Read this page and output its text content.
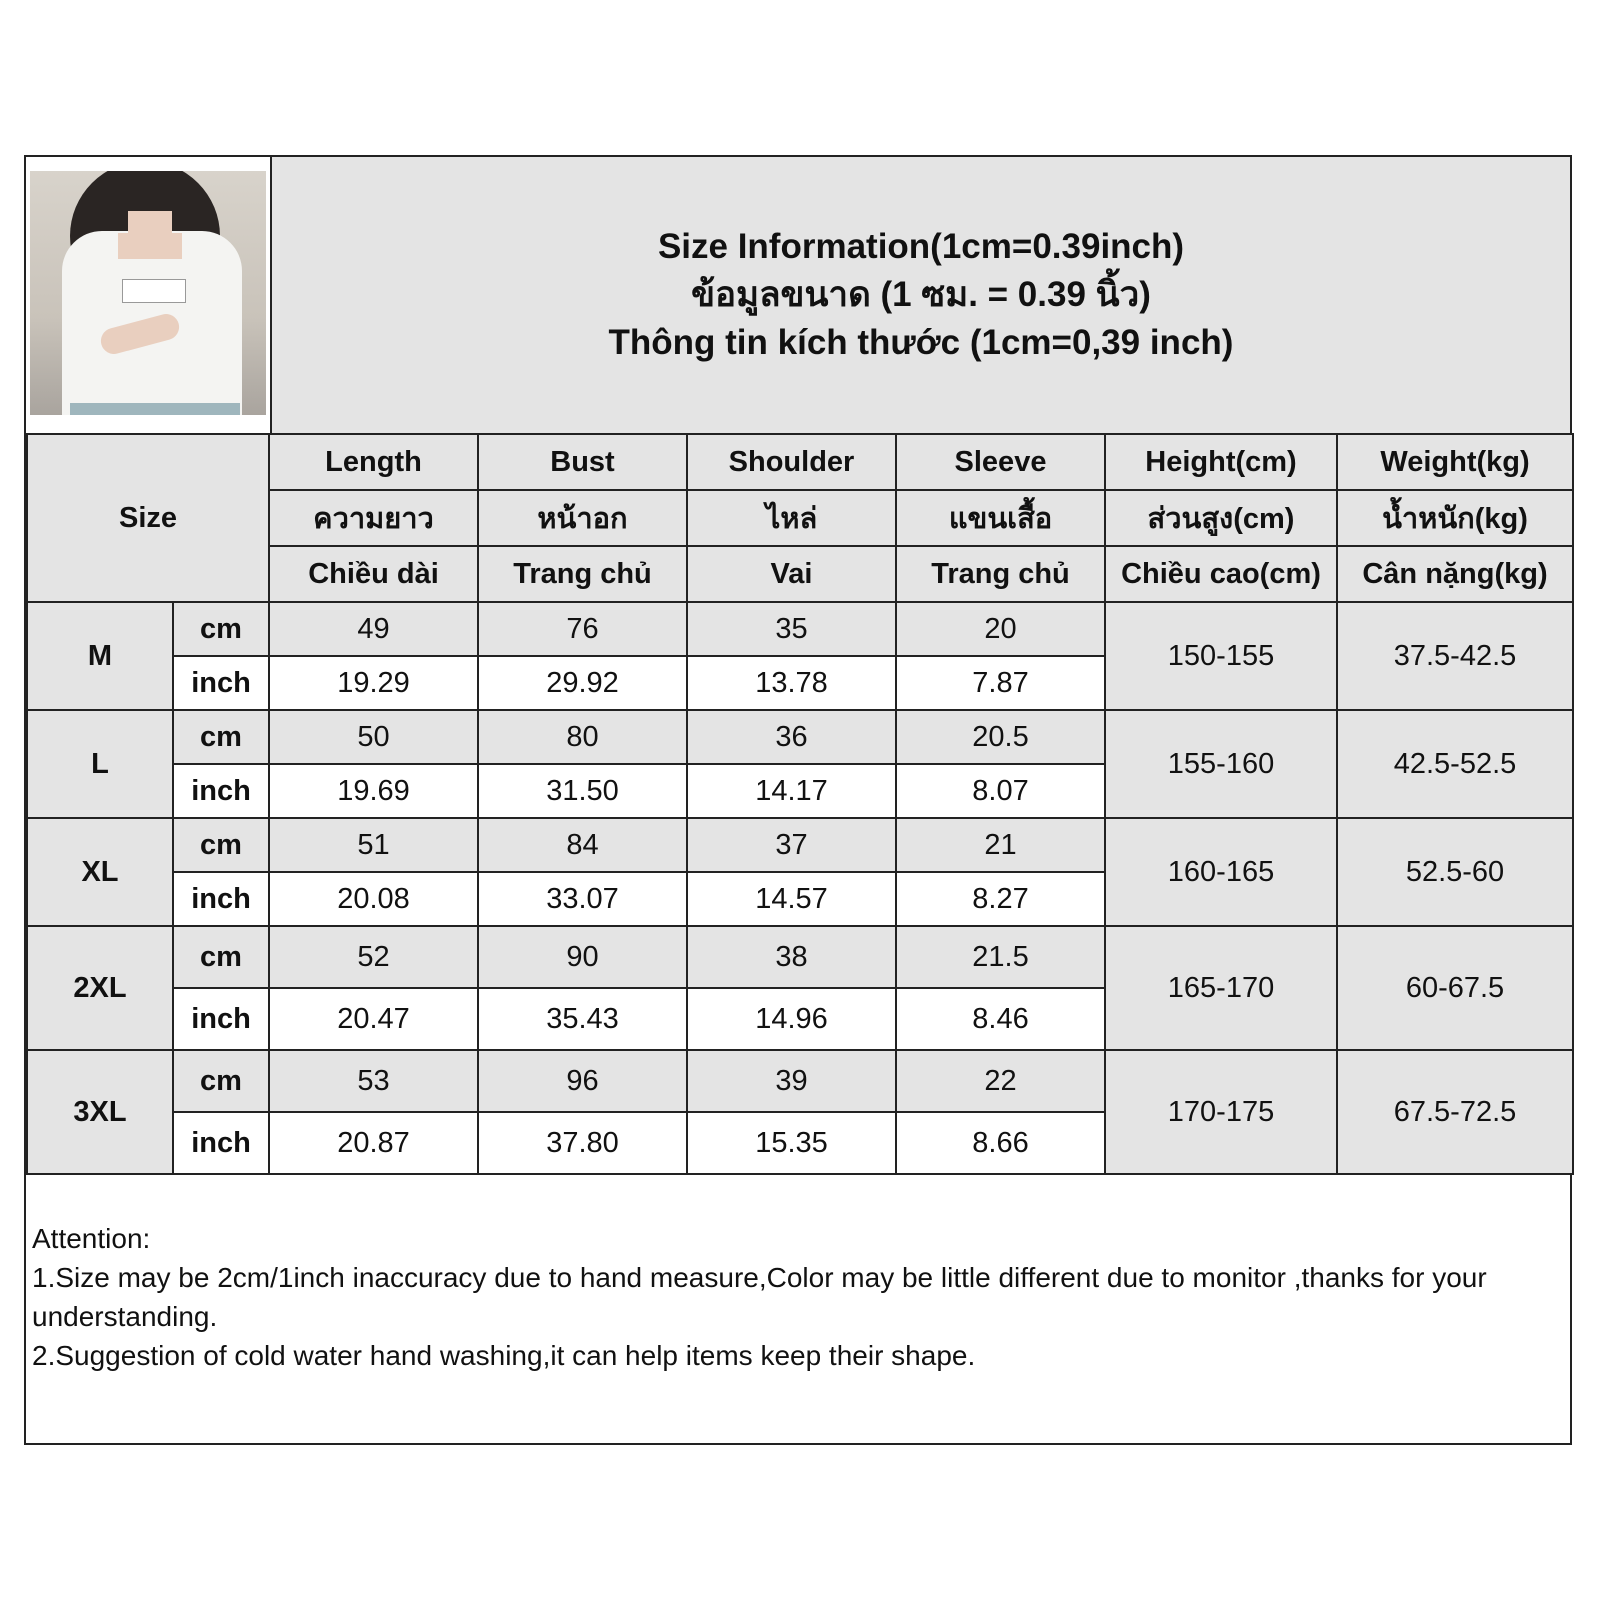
Size Information(1cm=0.39inch)
ข้อมูลขนาด (1 ซม. = 0.39 นิ้ว)
Thông tin kích thước (1cm=0,39 inch)
Size		Length	Bust	Shoulder	Sleeve	Height(cm)	Weight(kg)
		ความยาว	หน้าอก	ไหล่	แขนเสื้อ	ส่วนสูง(cm)	น้ำหนัก(kg)
		Chiều dài	Trang chủ	Vai	Trang chủ	Chiều cao(cm)	Cân nặng(kg)
M	cm	49	76	35	20	150-155	37.5-42.5
	inch	19.29	29.92	13.78	7.87		
L	cm	50	80	36	20.5	155-160	42.5-52.5
	inch	19.69	31.50	14.17	8.07		
XL	cm	51	84	37	21	160-165	52.5-60
	inch	20.08	33.07	14.57	8.27		
2XL	cm	52	90	38	21.5	165-170	60-67.5
	inch	20.47	35.43	14.96	8.46		
3XL	cm	53	96	39	22	170-175	67.5-72.5
	inch	20.87	37.80	15.35	8.66		
Attention:
1.Size may be 2cm/1inch inaccuracy due to hand measure,Color may be little different due to monitor ,thanks for your understanding.
2.Suggestion of cold water hand washing,it can help items keep their shape.
